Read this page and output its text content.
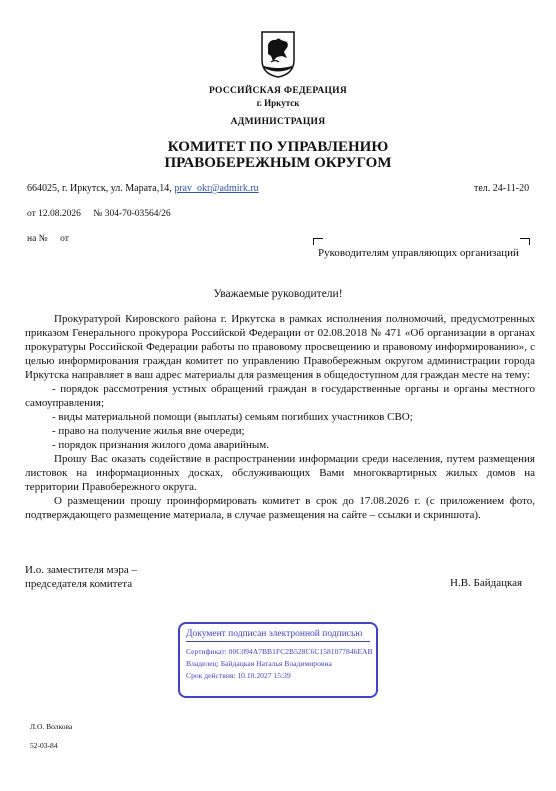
РОССИЙСКАЯ ФЕДЕРАЦИЯ

г. Иркутск

АДМИНИСТРАЦИЯ

КОМИТЕТ ПО УПРАВЛЕНИЮ
ПРАВОБЕРЕЖНЫМ ОКРУГОМ
664025, г. Иркутск, ул. Марата,14, prav_okr@admirk.ru	тел. 24-11-20
от 12.08.2026 № 304-70-03564/26
на № от

Руководителям управляющих организаций

Уважаемые руководители!

Прокуратурой Кировского района г. Иркутска в рамках исполнения полномочий, предусмотренных приказом Генерального прокурора Российской Федерации от 02.08.2018 № 471 «Об организации в органах прокуратуры Российской Федерации работы по правовому просвещению и правовому информированию», с целью информирования граждан комитет по управлению Правобережным округом администрации города Иркутска направляет в ваш адрес материалы для размещения в общедоступном для граждан месте на тему:

- порядок рассмотрения устных обращений граждан в государственные органы и органы местного самоуправления;

- виды материальной помощи (выплаты) семьям погибших участников СВО;

- право на получение жилья вне очереди;

- порядок признания жилого дома аварийным.

Прошу Вас оказать содействие в распространении информации среди населения, путем размещения листовок на информационных досках, обслуживающих Вами многоквартирных жилых домов на территории Правобережного округа.

О размещении прошу проинформировать комитет в срок до 17.08.2026 г. (с приложением фото, подтверждающего размещение материала, в случае размещения на сайте – ссылки и скриншота).

И.о. заместителя мэра –
председателя комитета	Н.В. Байдацкая
Документ подписан электронной подписью
Сертификат: 00C094A7BB1FC2B528C6C1581077846EAB
Владелец: Байдацкая Наталья Владимировна
Срок действия: 10.10.2027 15:39
Л.О. Волкова
52-03-84
